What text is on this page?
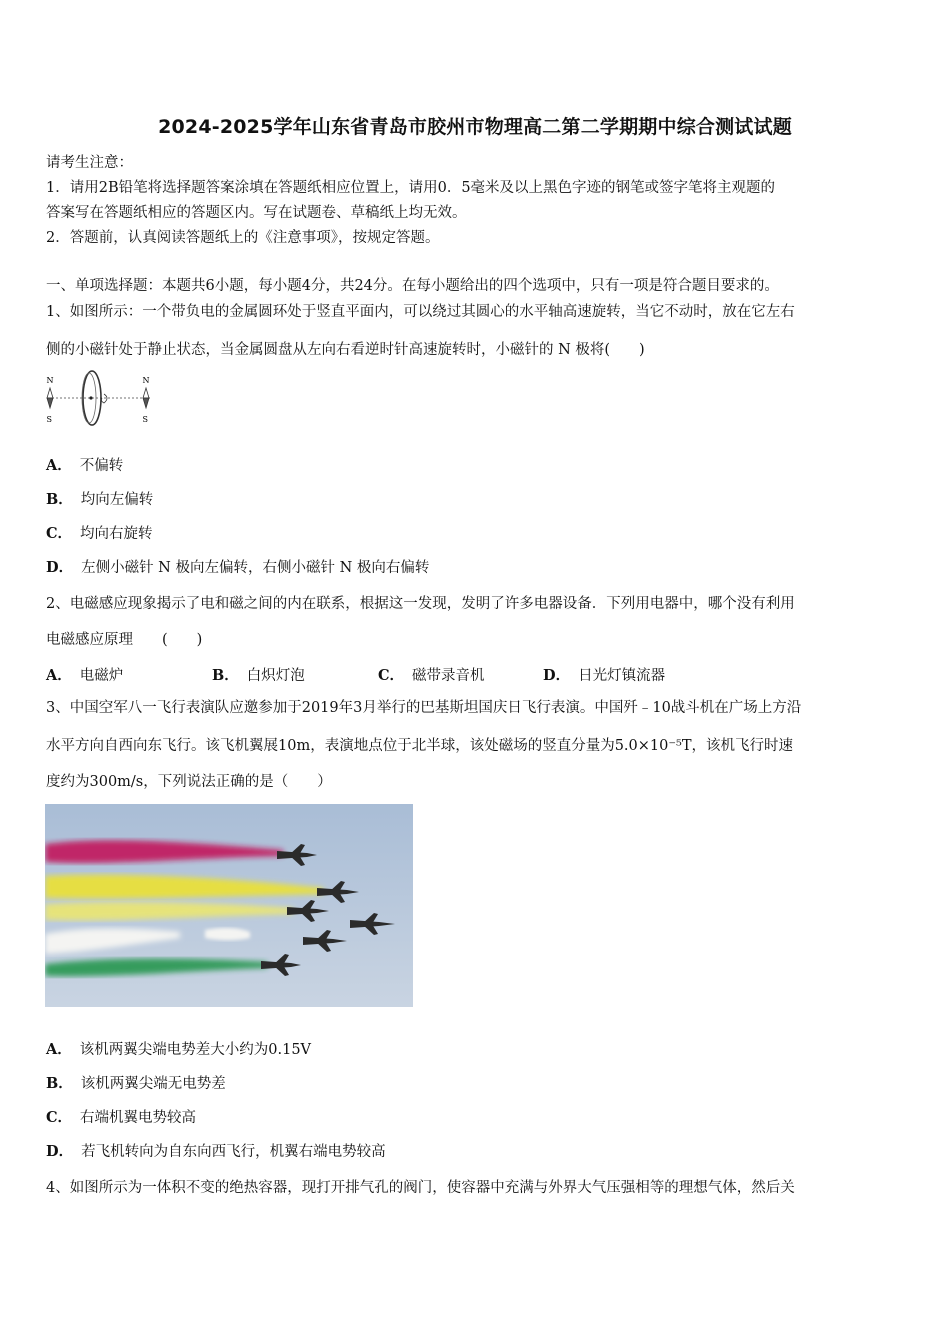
2024-2025学年山东省青岛市胶州市物理高二第二学期期中综合测试试题
请考生注意：
1．请用2B铅笔将选择题答案涂填在答题纸相应位置上，请用0．5毫米及以上黑色字迹的钢笔或签字笔将主观题的
答案写在答题纸相应的答题区内。写在试题卷、草稿纸上均无效。
2．答题前，认真阅读答题纸上的《注意事项》，按规定答题。
一、单项选择题：本题共6小题，每小题4分，共24分。在每小题给出的四个选项中，只有一项是符合题目要求的。
1、如图所示：一个带负电的金属圆环处于竖直平面内，可以绕过其圆心的水平轴高速旋转，当它不动时，放在它左右
侧的小磁针处于静止状态，当金属圆盘从左向右看逆时针高速旋转时，小磁针的 N 极将(　　)
N
S
N
S
A． 不偏转
B． 均向左偏转
C． 均向右旋转
D． 左侧小磁针 N 极向左偏转，右侧小磁针 N 极向右偏转
2、电磁感应现象揭示了电和磁之间的内在联系，根据这一发现，发明了许多电器设备．下列用电器中，哪个没有利用
电磁感应原理　　(　　)
A． 电磁炉	B． 白炽灯泡	C． 磁带录音机	D． 日光灯镇流器
3、中国空军八一飞行表演队应邀参加于2019年3月举行的巴基斯坦国庆日飞行表演。中国歼﹣10战斗机在广场上方沿
水平方向自西向东飞行。该飞机翼展10m，表演地点位于北半球，该处磁场的竖直分量为5.0×10⁻⁵T，该机飞行时速
度约为300m/s，下列说法正确的是（　　）
A． 该机两翼尖端电势差大小约为0.15V
B． 该机两翼尖端无电势差
C． 右端机翼电势较高
D． 若飞机转向为自东向西飞行，机翼右端电势较高
4、如图所示为一体积不变的绝热容器，现打开排气孔的阀门，使容器中充满与外界大气压强相等的理想气体，然后关
